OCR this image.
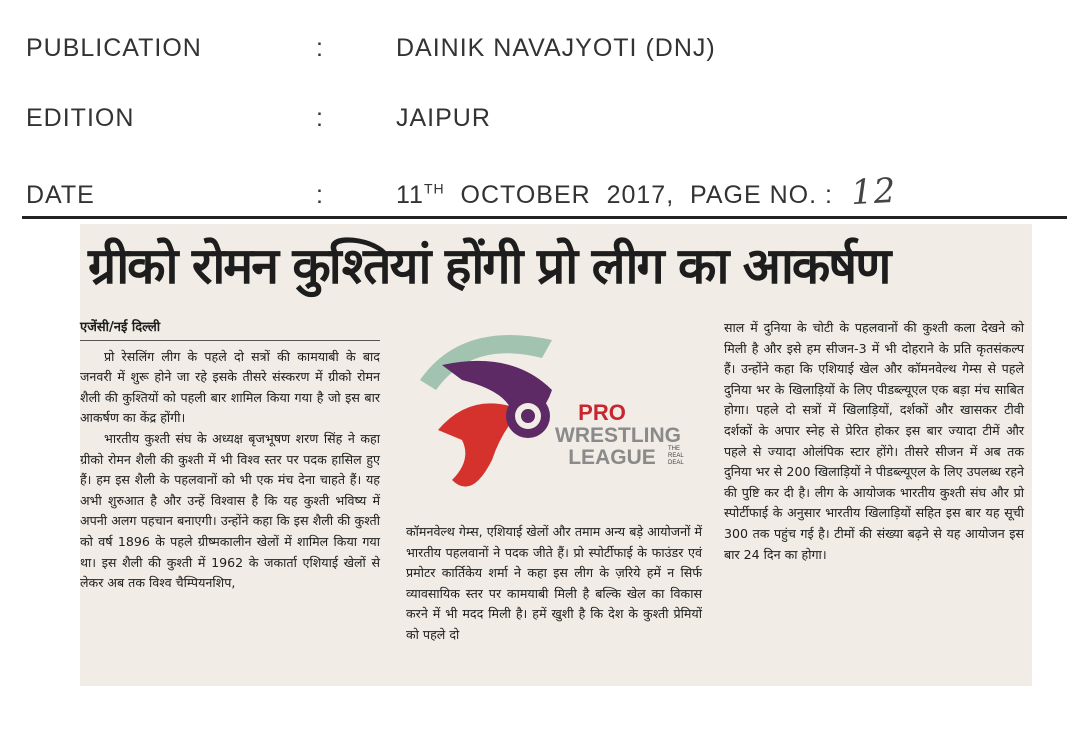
PUBLICATION	:	DAINIK NAVAJYOTI (DNJ)
EDITION	:	JAIPUR
DATE	:	11TH OCTOBER  2017,  PAGE NO. : 12
ग्रीको रोमन कुश्तियां होंगी प्रो लीग का आकर्षण
एजेंसी/नई दिल्ली

प्रो रेसलिंग लीग के पहले दो सत्रों की कामयाबी के बाद जनवरी में शुरू होने जा रहे इसके तीसरे संस्करण में ग्रीको रोमन शैली की कुश्तियों को पहली बार शामिल किया गया है जो इस बार आकर्षण का केंद्र होंगी।

भारतीय कुश्ती संघ के अध्यक्ष बृजभूषण शरण सिंह ने कहा ग्रीको रोमन शैली की कुश्ती में भी विश्व स्तर पर पदक हासिल हुए हैं। हम इस शैली के पहलवानों को भी एक मंच देना चाहते हैं। यह अभी शुरुआत है और उन्हें विश्वास है कि यह कुश्ती भविष्य में अपनी अलग पहचान बनाएगी। उन्होंने कहा कि इस शैली की कुश्ती को वर्ष 1896 के पहले ग्रीष्मकालीन खेलों में शामिल किया गया था। इस शैली की कुश्ती में 1962 के जकार्ता एशियाई खेलों से लेकर अब तक विश्व चैम्पियनशिप,

PRO
WRESTLING
LEAGUE THE
REAL
DEAL

कॉमनवेल्थ गेम्स, एशियाई खेलों और तमाम अन्य बड़े आयोजनों में भारतीय पहलवानों ने पदक जीते हैं। प्रो स्पोर्टीफाई के फाउंडर एवं प्रमोटर कार्तिकेय शर्मा ने कहा इस लीग के ज़रिये हमें न सिर्फ व्यावसायिक स्तर पर कामयाबी मिली है बल्कि खेल का विकास करने में भी मदद मिली है। हमें खुशी है कि देश के कुश्ती प्रेमियों को पहले दो

साल में दुनिया के चोटी के पहलवानों की कुश्ती कला देखने को मिली है और इसे हम सीजन-3 में भी दोहराने के प्रति कृतसंकल्प हैं। उन्होंने कहा कि एशियाई खेल और कॉमनवेल्थ गेम्स से पहले दुनिया भर के खिलाड़ियों के लिए पीडब्ल्यूएल एक बड़ा मंच साबित होगा। पहले दो सत्रों में खिलाड़ियों, दर्शकों और खासकर टीवी दर्शकों के अपार स्नेह से प्रेरित होकर इस बार ज्यादा टीमें और पहले से ज्यादा ओलंपिक स्टार होंगे। तीसरे सीजन में अब तक दुनिया भर से 200 खिलाड़ियों ने पीडब्ल्यूएल के लिए उपलब्ध रहने की पुष्टि कर दी है। लीग के आयोजक भारतीय कुश्ती संघ और प्रो स्पोर्टीफाई के अनुसार भारतीय खिलाड़ियों सहित इस बार यह सूची 300 तक पहुंच गई है। टीमों की संख्या बढ़ने से यह आयोजन इस बार 24 दिन का होगा।
